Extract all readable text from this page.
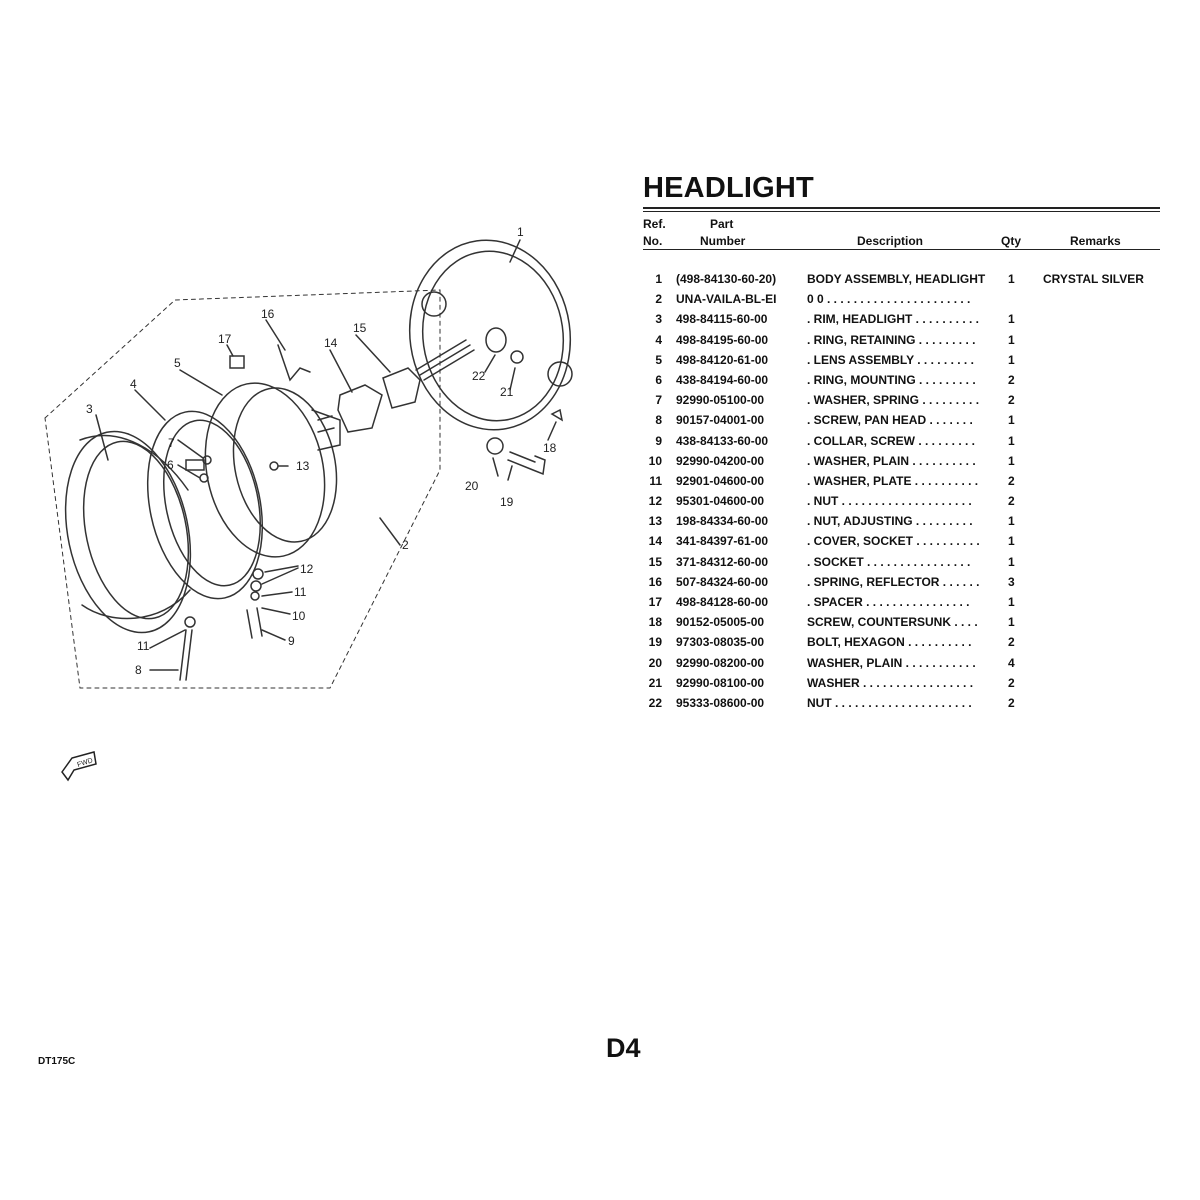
1
2
3
4
5
6
7
8
9
10
11
11
12
13
14
15
16
17
18
19
20
21
22
FWD
HEADLIGHT
Ref.	Part
No.	Number	Description	Qty	Remarks
1 (498-84130-60-20)	BODY ASSEMBLY, HEADLIGHT	1 CRYSTAL SILVER
2 UNA-VAILA-BL-EI	0 0 . . . . . . . . . . . . . . . . . . . . . .
3 498-84115-60-00	. RIM, HEADLIGHT . . . . . . . . . .	1
4 498-84195-60-00	. RING, RETAINING . . . . . . . . .	1
5 498-84120-61-00	. LENS ASSEMBLY . . . . . . . . .	1
6 438-84194-60-00	. RING, MOUNTING . . . . . . . . .	2
7 92990-05100-00	. WASHER, SPRING . . . . . . . . .	2
8 90157-04001-00	. SCREW, PAN HEAD . . . . . . .	1
9 438-84133-60-00	. COLLAR, SCREW . . . . . . . . .	1
10 92990-04200-00	. WASHER, PLAIN . . . . . . . . . .	1
11 92901-04600-00	. WASHER, PLATE . . . . . . . . . .	2
12 95301-04600-00	. NUT . . . . . . . . . . . . . . . . . . . .	2
13 198-84334-60-00	. NUT, ADJUSTING . . . . . . . . .	1
14 341-84397-61-00	. COVER, SOCKET . . . . . . . . . .	1
15 371-84312-60-00	. SOCKET . . . . . . . . . . . . . . . .	1
16 507-84324-60-00	. SPRING, REFLECTOR . . . . . .	3
17 498-84128-60-00	. SPACER . . . . . . . . . . . . . . . .	1
18 90152-05005-00	SCREW, COUNTERSUNK . . . .	1
19 97303-08035-00	BOLT, HEXAGON . . . . . . . . . .	2
20 92990-08200-00	WASHER, PLAIN . . . . . . . . . . .	4
21 92990-08100-00	WASHER . . . . . . . . . . . . . . . . .	2
22 95333-08600-00	NUT . . . . . . . . . . . . . . . . . . . . .	2
D4
DT175C
